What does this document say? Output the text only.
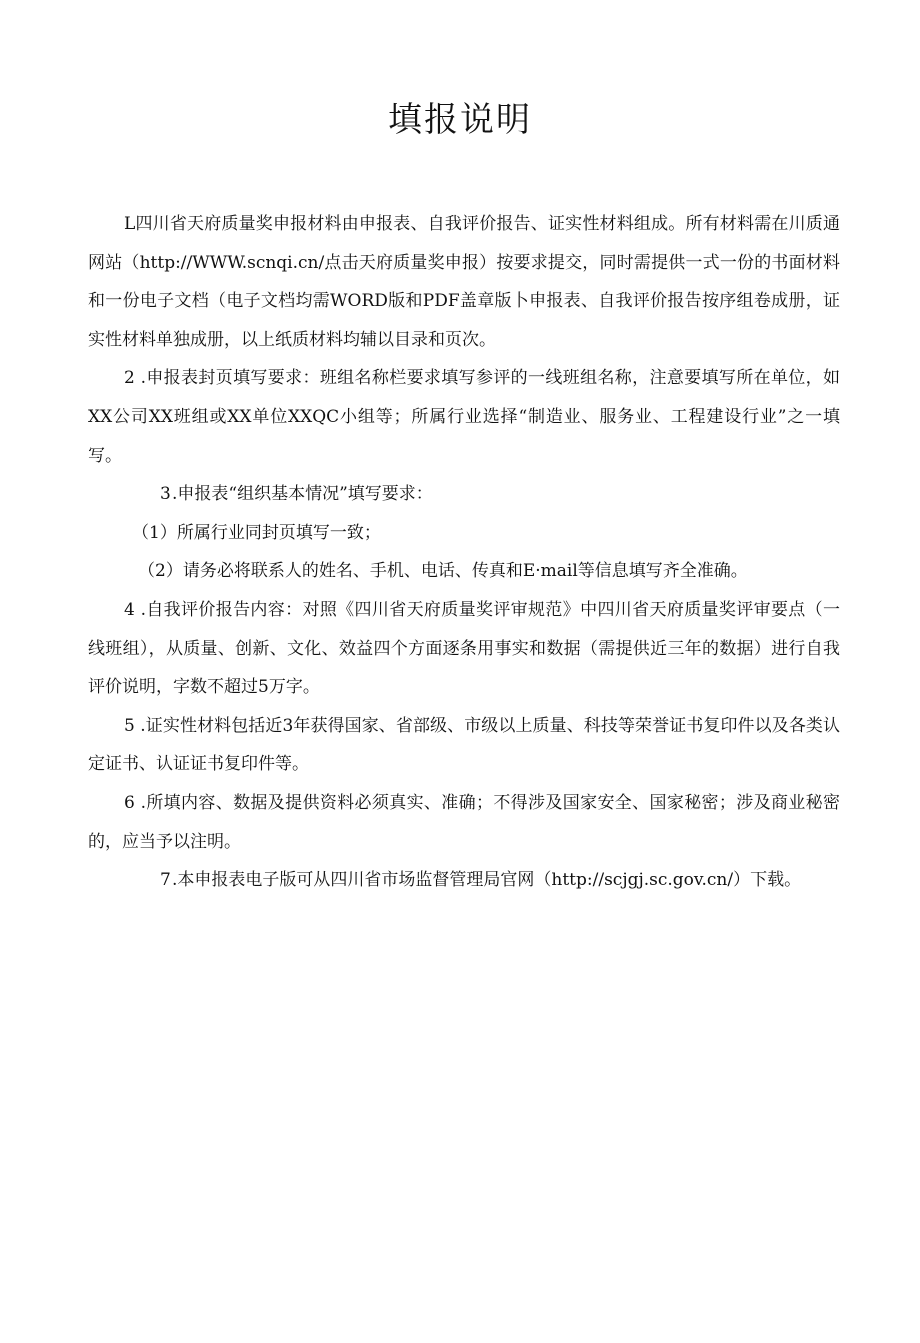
填报说明

L四川省天府质量奖申报材料由申报表、自我评价报告、证实性材料组成。所有材料需在川质通网站（http://WWW.scnqi.cn/点击天府质量奖申报）按要求提交，同时需提供一式一份的书面材料和一份电子文档（电子文档均需WORD版和PDF盖章版卜申报表、自我评价报告按序组卷成册，证实性材料单独成册，以上纸质材料均辅以目录和页次。

2 .申报表封页填写要求：班组名称栏要求填写参评的一线班组名称，注意要填写所在单位，如XX公司XX班组或XX单位XXQC小组等；所属行业选择“制造业、服务业、工程建设行业”之一填写。

3.申报表“组织基本情况”填写要求：

（1）所属行业同封页填写一致；

（2）请务必将联系人的姓名、手机、电话、传真和E·mail等信息填写齐全准确。

4 .自我评价报告内容：对照《四川省天府质量奖评审规范》中四川省天府质量奖评审要点（一线班组），从质量、创新、文化、效益四个方面逐条用事实和数据（需提供近三年的数据）进行自我评价说明，字数不超过5万字。

5 .证实性材料包括近3年获得国家、省部级、市级以上质量、科技等荣誉证书复印件以及各类认定证书、认证证书复印件等。

6 .所填内容、数据及提供资料必须真实、准确；不得涉及国家安全、国家秘密；涉及商业秘密的，应当予以注明。

7.本申报表电子版可从四川省市场监督管理局官网（http://scjgj.sc.gov.cn/）下载。
